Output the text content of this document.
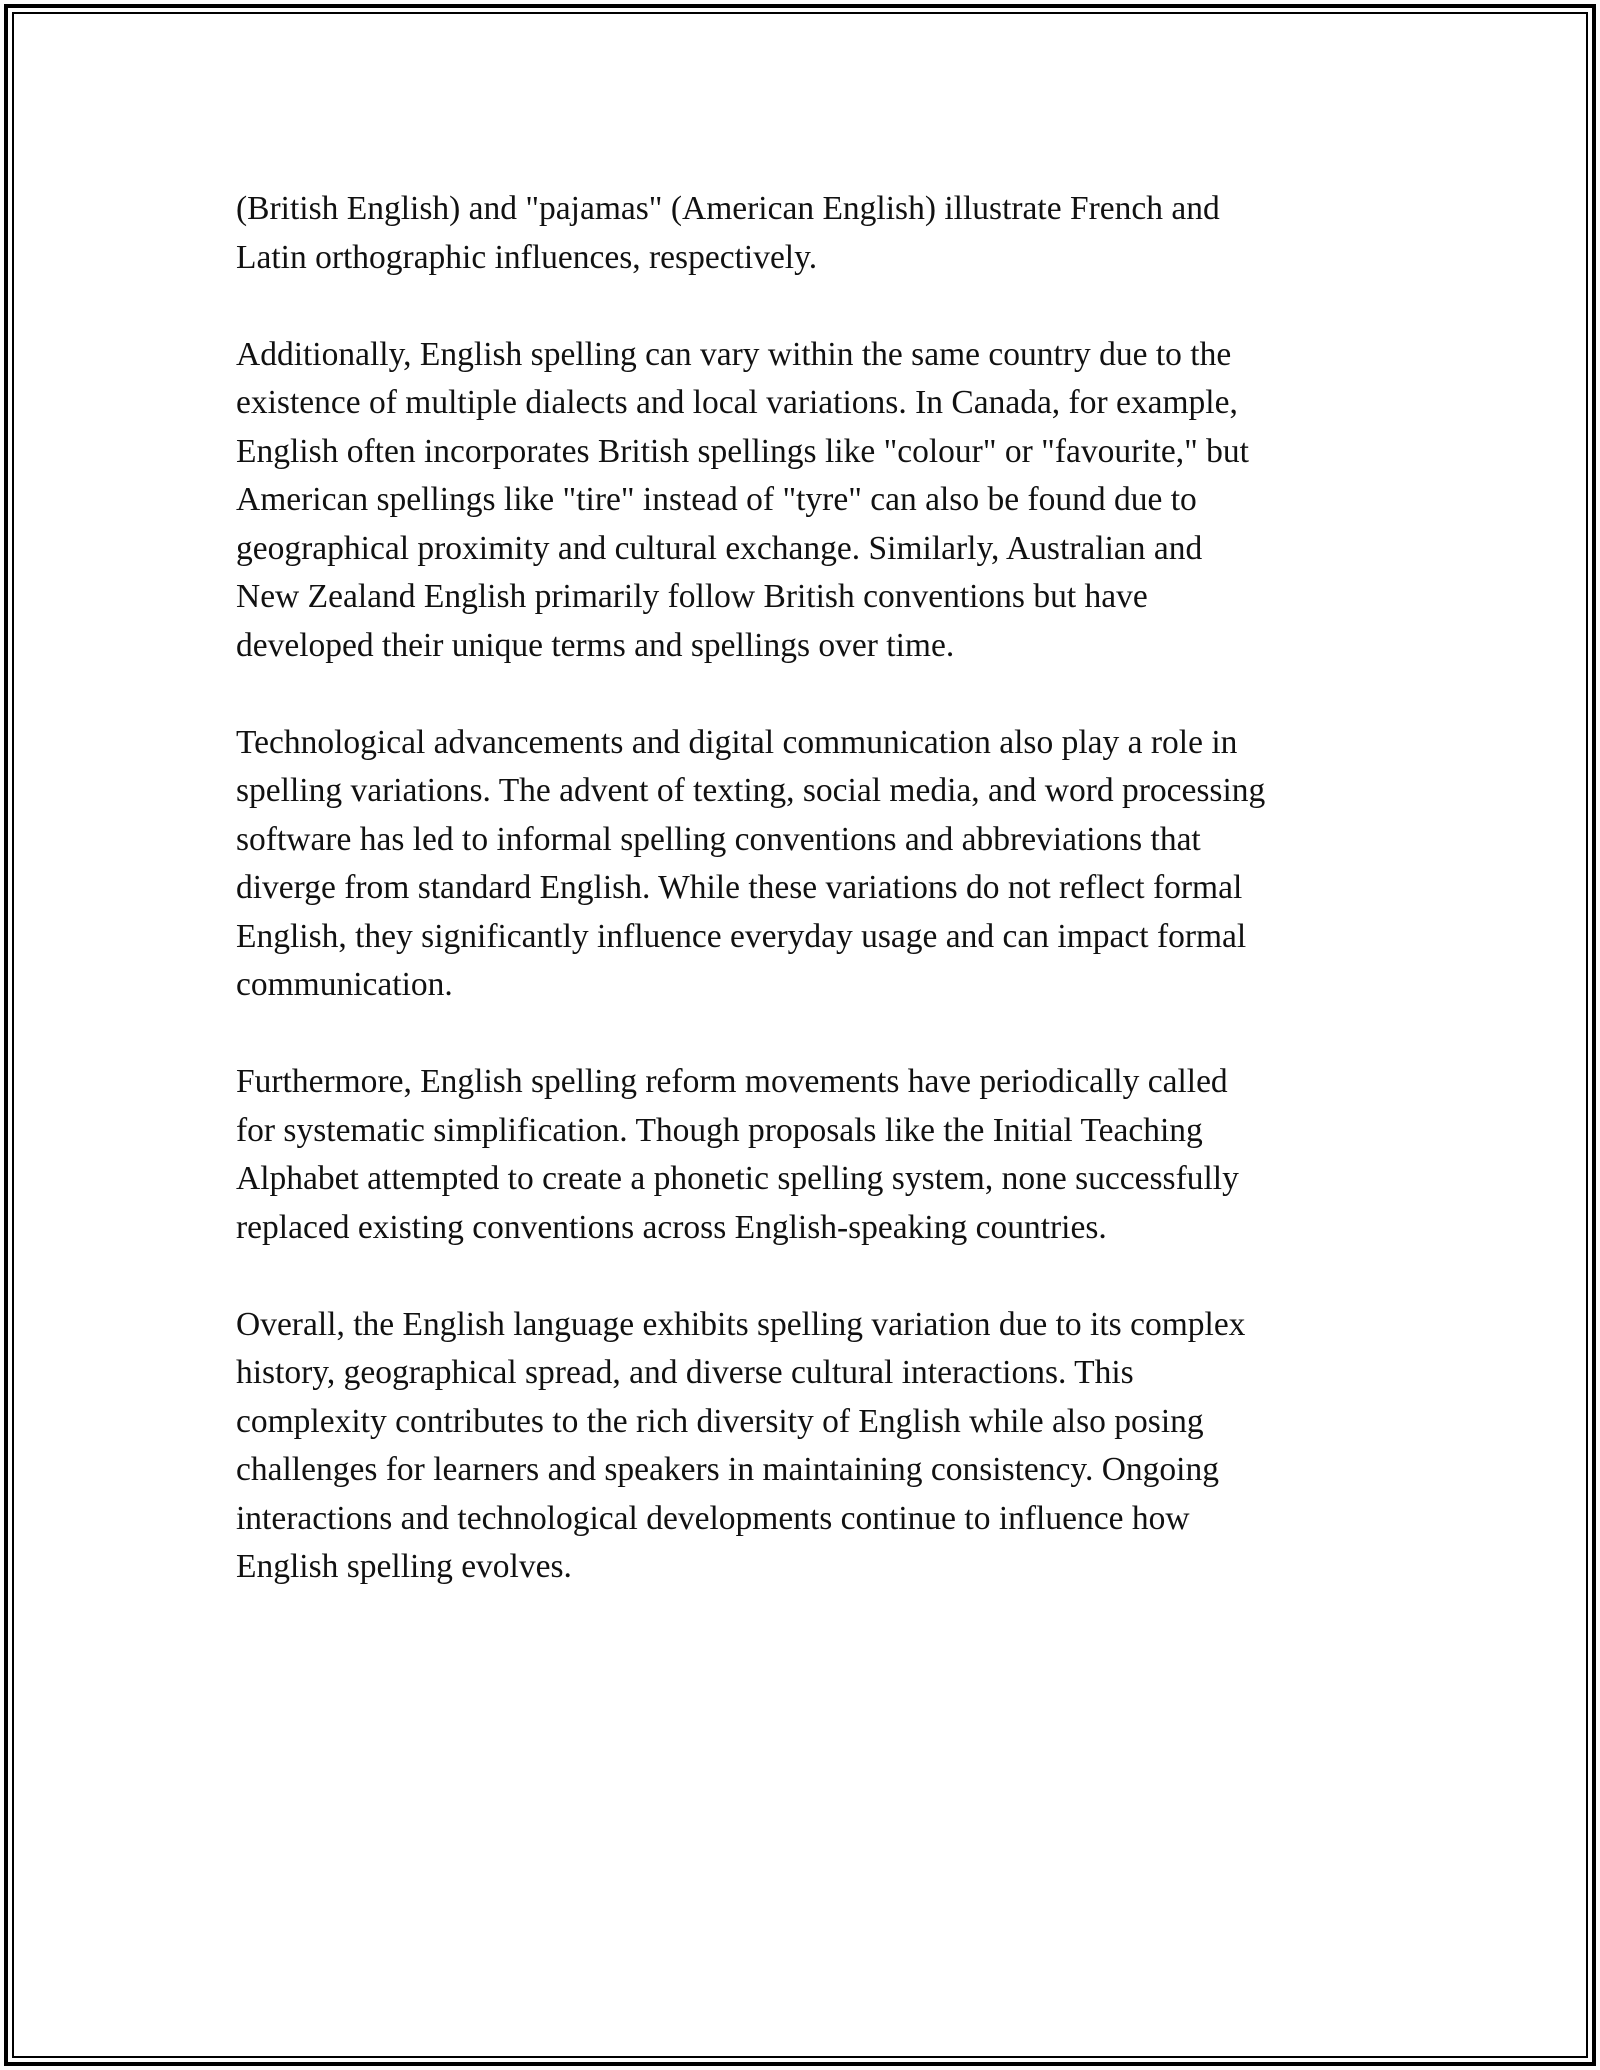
(British English) and "pajamas" (American English) illustrate French and
Latin orthographic influences, respectively.

Additionally, English spelling can vary within the same country due to the
existence of multiple dialects and local variations. In Canada, for example,
English often incorporates British spellings like "colour" or "favourite," but
American spellings like "tire" instead of "tyre" can also be found due to
geographical proximity and cultural exchange. Similarly, Australian and
New Zealand English primarily follow British conventions but have
developed their unique terms and spellings over time.

Technological advancements and digital communication also play a role in
spelling variations. The advent of texting, social media, and word processing
software has led to informal spelling conventions and abbreviations that
diverge from standard English. While these variations do not reflect formal
English, they significantly influence everyday usage and can impact formal
communication.

Furthermore, English spelling reform movements have periodically called
for systematic simplification. Though proposals like the Initial Teaching
Alphabet attempted to create a phonetic spelling system, none successfully
replaced existing conventions across English-speaking countries.

Overall, the English language exhibits spelling variation due to its complex
history, geographical spread, and diverse cultural interactions. This
complexity contributes to the rich diversity of English while also posing
challenges for learners and speakers in maintaining consistency. Ongoing
interactions and technological developments continue to influence how
English spelling evolves.
